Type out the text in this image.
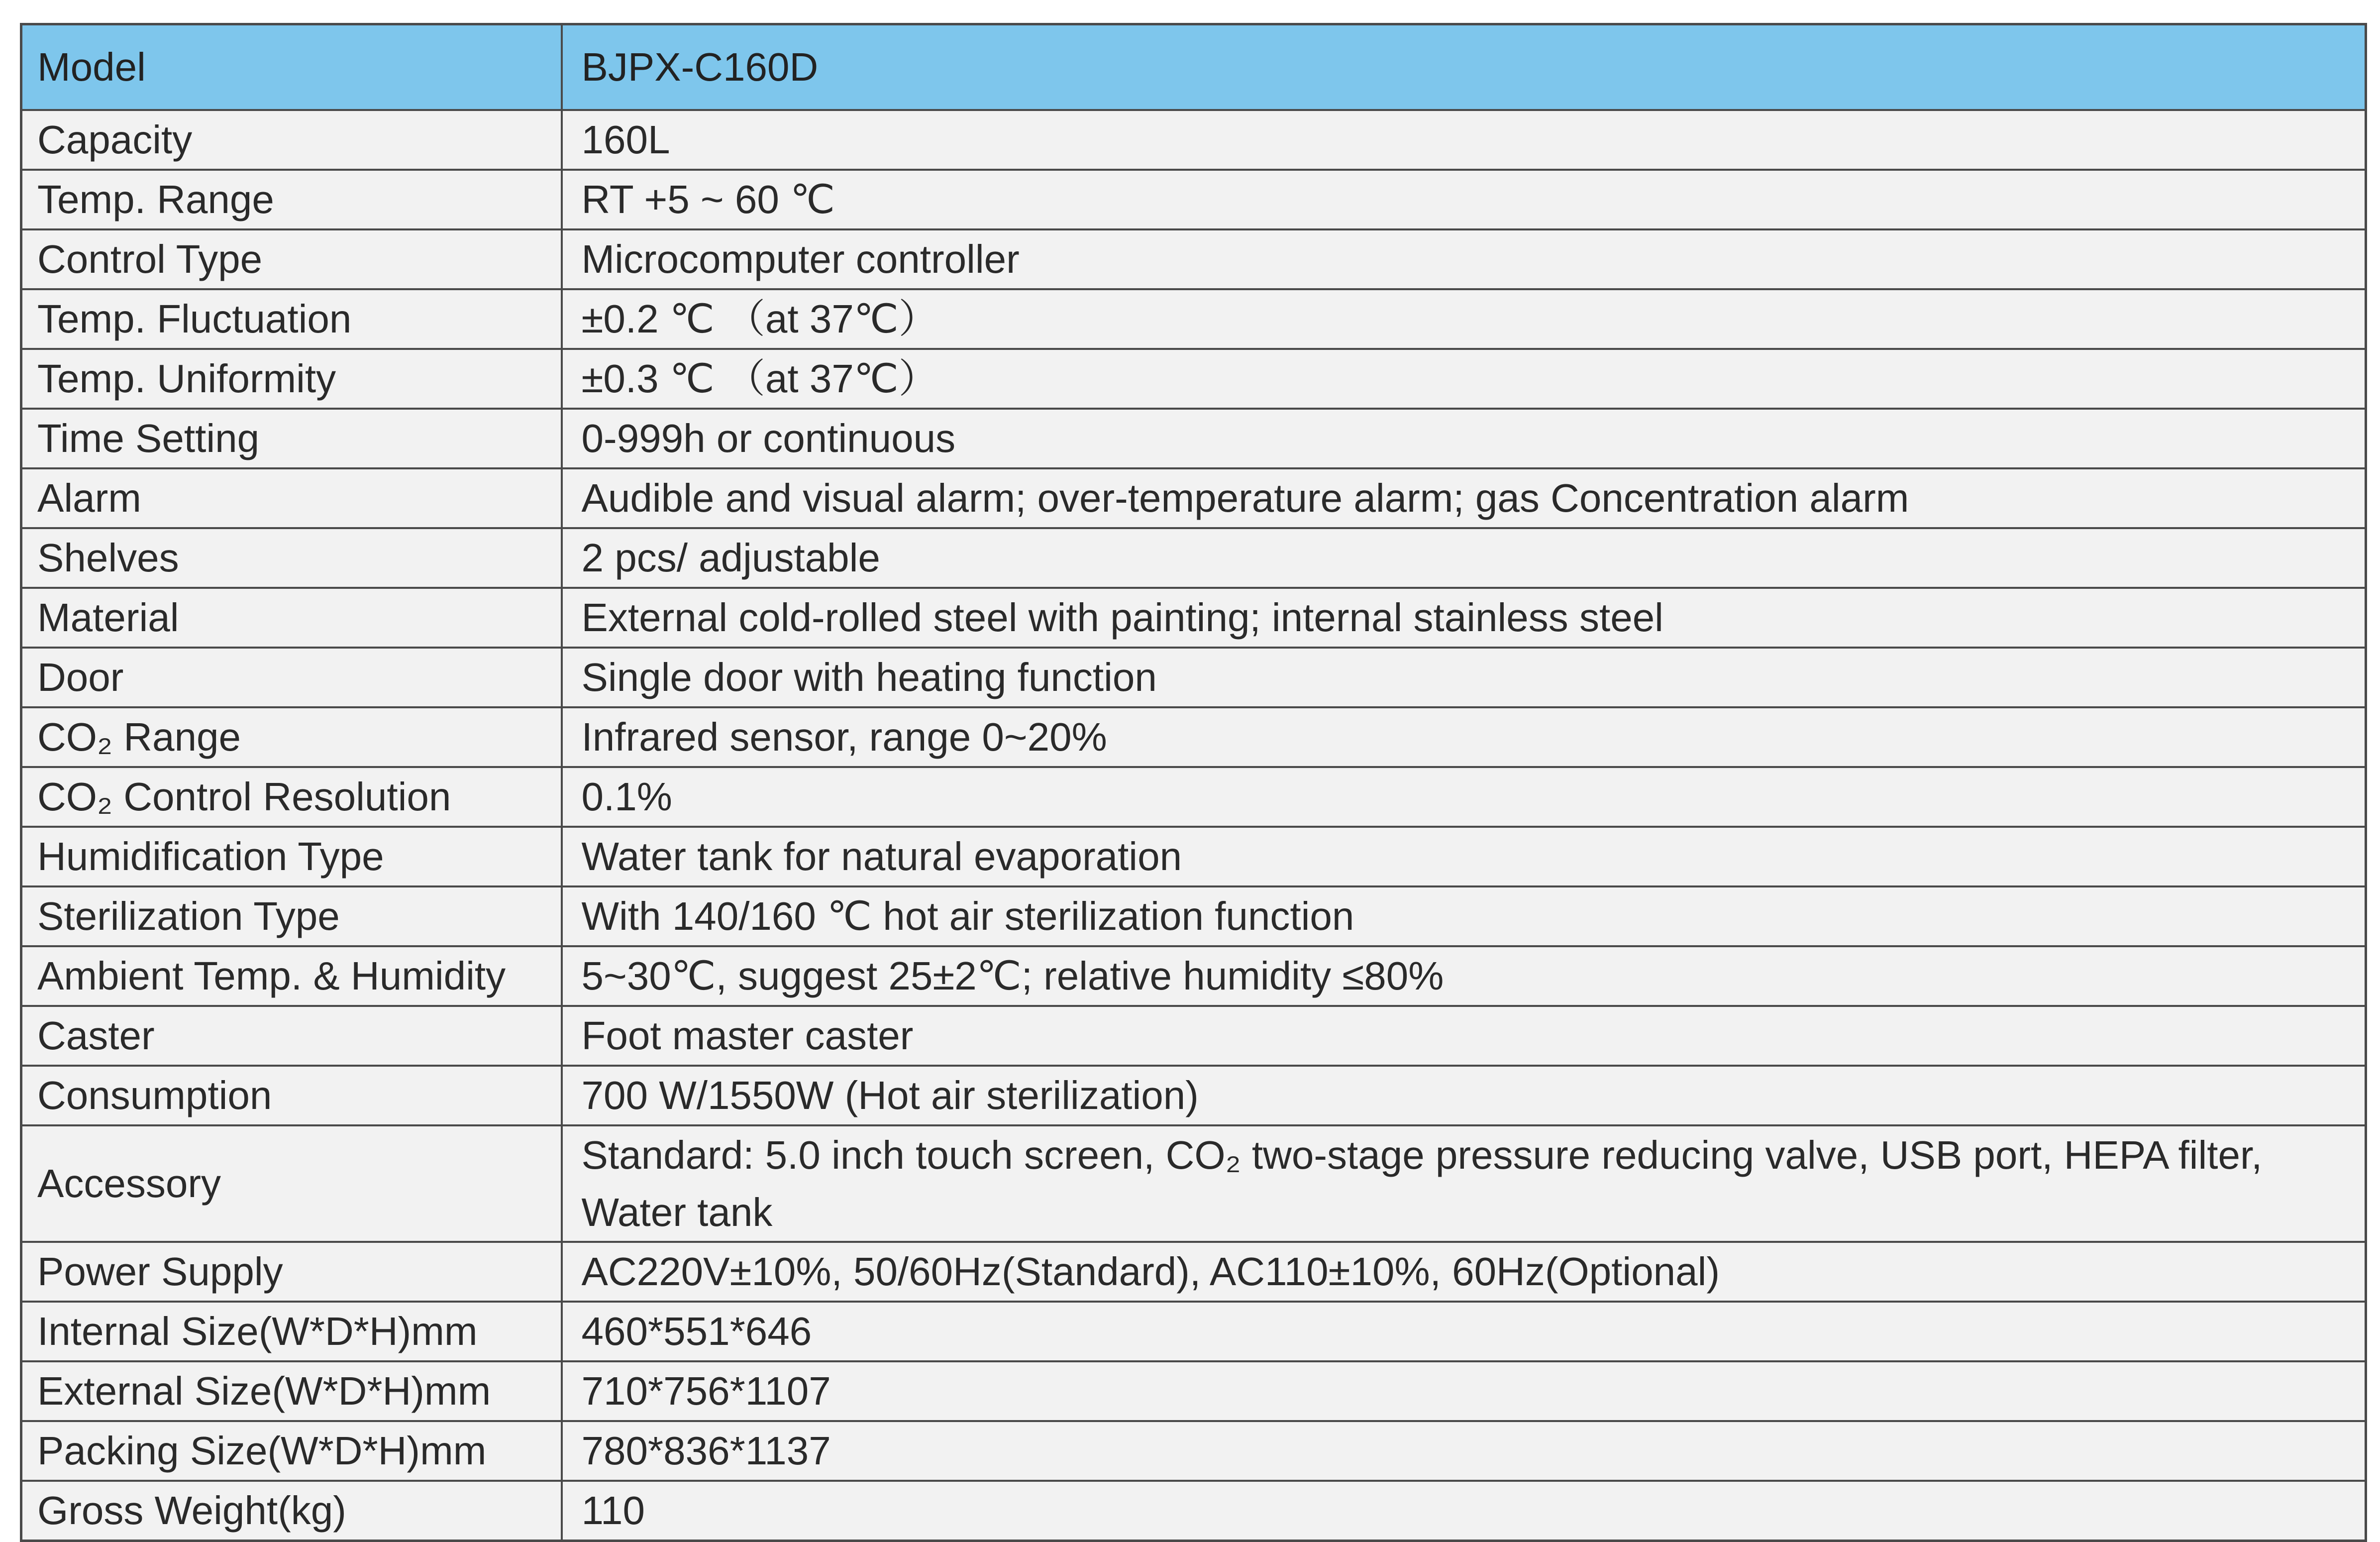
Model	BJPX-C160D
Capacity	160L
Temp. Range	RT +5 ~ 60 ℃
Control Type	Microcomputer controller
Temp. Fluctuation	±0.2 ℃ （at 37℃）
Temp. Uniformity	±0.3 ℃ （at 37℃）
Time Setting	0-999h or continuous
Alarm	Audible and visual alarm; over-temperature alarm; gas Concentration alarm
Shelves	2 pcs/ adjustable
Material	External cold-rolled steel with painting; internal stainless steel
Door	Single door with heating function
CO₂ Range	Infrared sensor, range 0~20%
CO₂ Control Resolution	0.1%
Humidification Type	Water tank for natural evaporation
Sterilization Type	With 140/160 ℃ hot air sterilization function
Ambient Temp. & Humidity	5~30℃, suggest 25±2℃; relative humidity ≤80%
Caster	Foot master caster
Consumption	700 W/1550W (Hot air sterilization)
Accessory	Standard: 5.0 inch touch screen, CO₂ two-stage pressure reducing valve, USB port, HEPA filter, Water tank
Power Supply	AC220V±10%, 50/60Hz(Standard), AC110±10%, 60Hz(Optional)
Internal Size(W*D*H)mm	460*551*646
External Size(W*D*H)mm	710*756*1107
Packing Size(W*D*H)mm	780*836*1137
Gross Weight(kg)	110
